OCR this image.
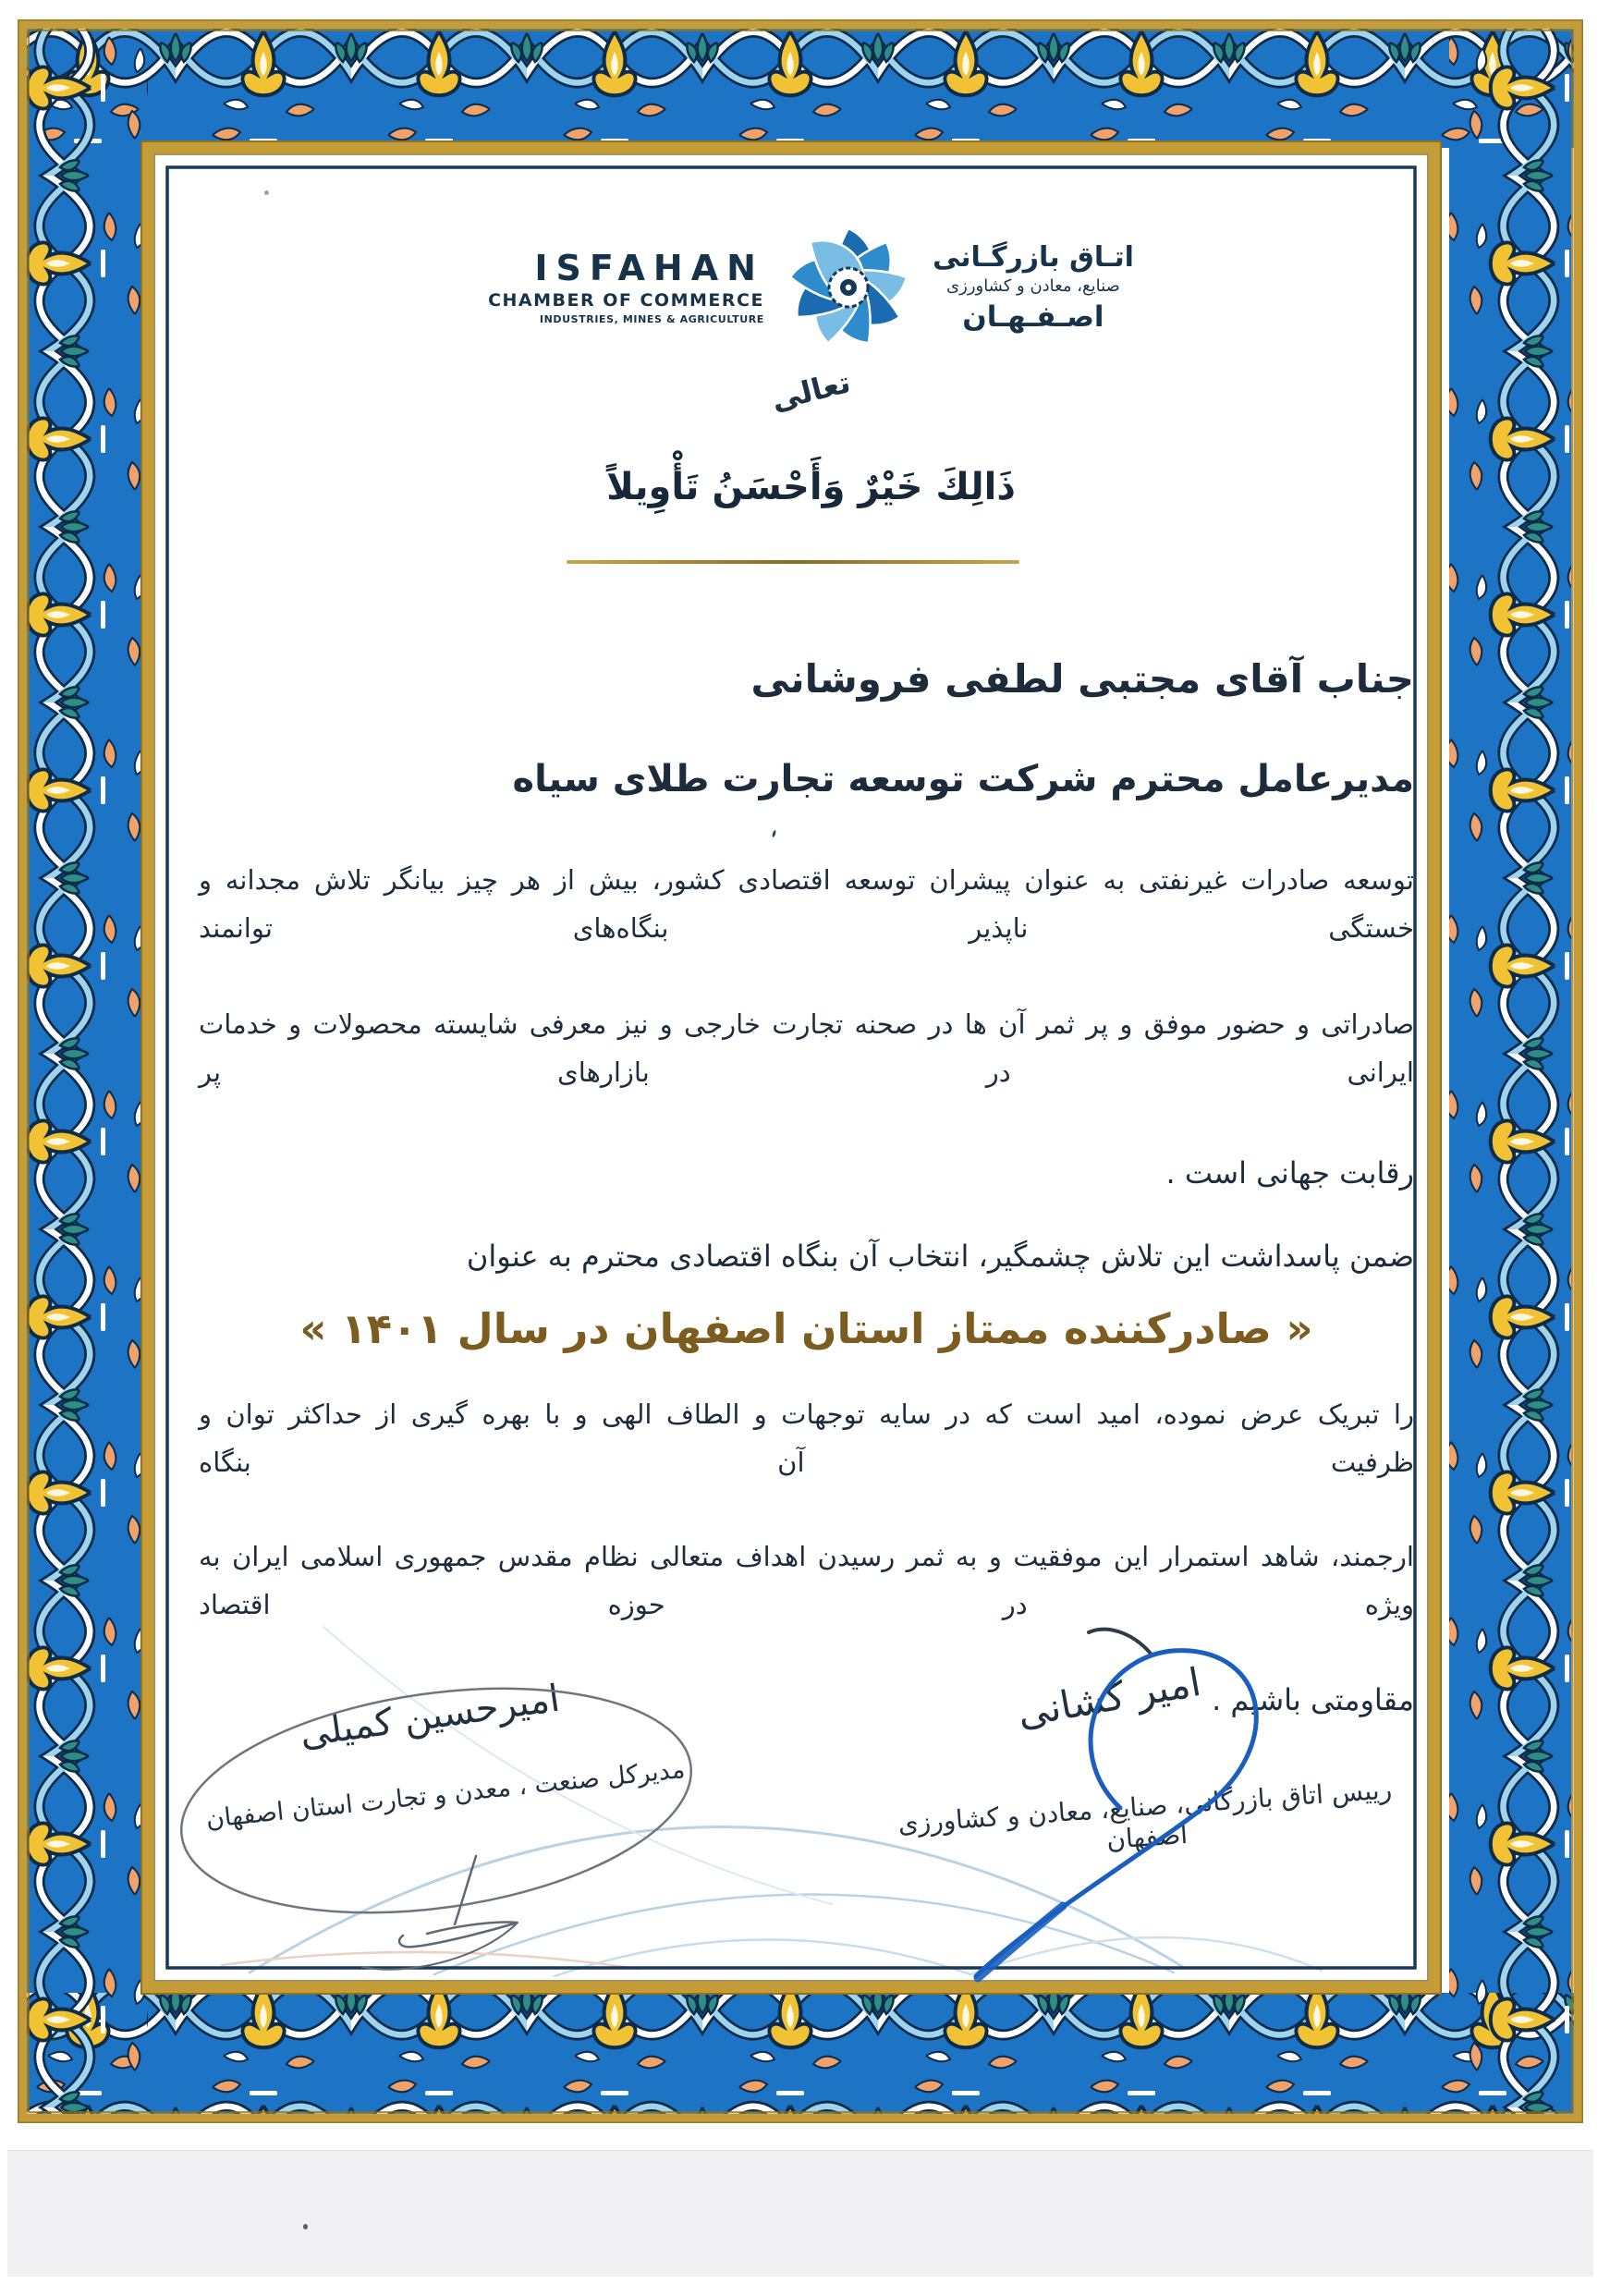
ISFAHAN
CHAMBER OF COMMERCE
INDUSTRIES, MINES & AGRICULTURE
اتـاق بازرگـانی
صنایع، معادن و کشاورزی
اصـفـهـان
تعالی
ذَالِكَ خَيْرٌ وَأَحْسَنُ تَأْوِيلاً
جناب آقای مجتبی لطفی فروشانی
مدیرعامل محترم شرکت توسعه تجارت طلای سیاه
توسعه صادرات غیرنفتی به عنوان پیشران توسعه اقتصادی کشور، بیش از هر چیز بیانگر تلاش مجدانه و خستگی ناپذیر بنگاه‌های توانمند
صادراتی و حضور موفق و پر ثمر آن ها در صحنه تجارت خارجی و نیز معرفی شایسته محصولات و خدمات ایرانی در بازارهای پر
رقابت جهانی است .
ضمن پاسداشت این تلاش چشمگیر، انتخاب آن بنگاه اقتصادی محترم به عنوان
« صادرکننده ممتاز استان اصفهان در سال ۱۴۰۱ »
را تبریک عرض نموده، امید است که در سایه توجهات و الطاف الهی و با بهره گیری از حداکثر توان و ظرفیت آن بنگاه
ارجمند، شاهد استمرار این موفقیت و به ثمر رسیدن اهداف متعالی نظام مقدس جمهوری اسلامی ایران به ویژه در حوزه اقتصاد
مقاومتی باشیم .
امیر کشانی
رییس اتاق بازرگانی، صنایع، معادن و کشاورزی اصفهان
امیرحسین کمیلی
مدیرکل صنعت ، معدن و تجارت استان اصفهان
